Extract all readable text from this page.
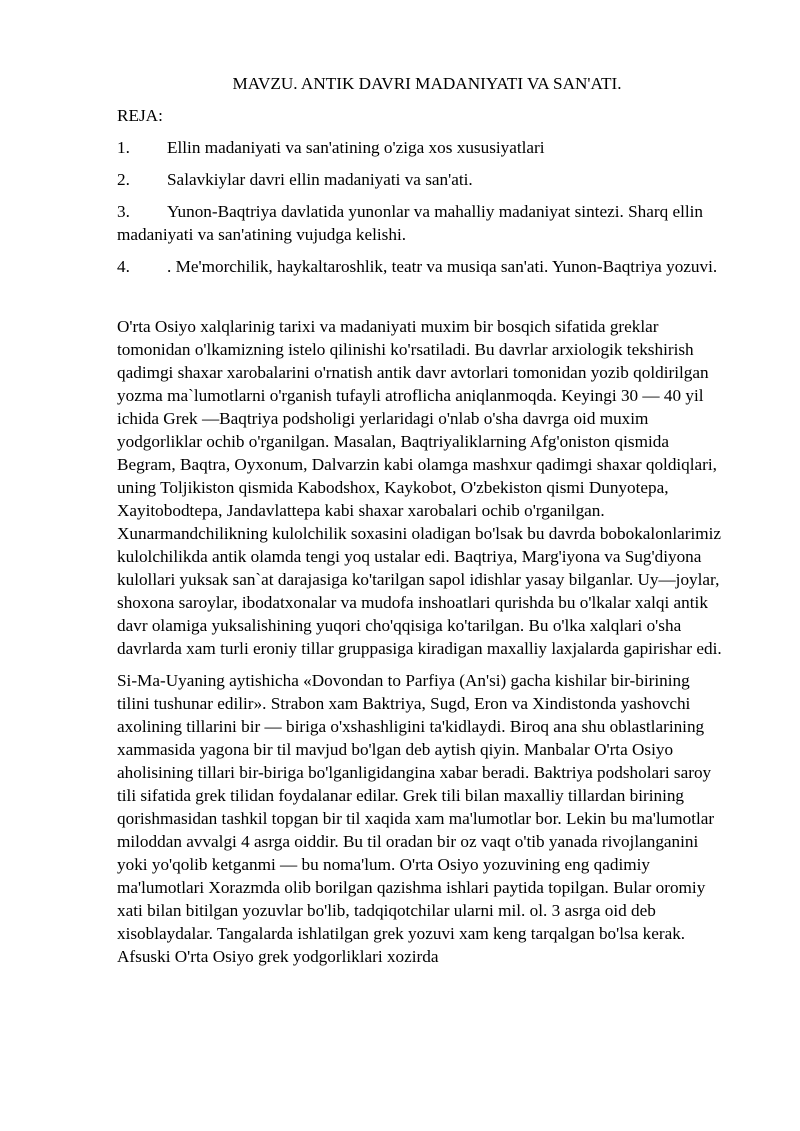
MAVZU. ANTIK DAVRI MADANIYATI VA SAN'ATI.
REJA:
1. Ellin madaniyati va san'atining o'ziga xos xususiyatlari
2. Salavkiylar davri ellin madaniyati va san'ati.
3. Yunon-Baqtriya davlatida yunonlar va mahalliy madaniyat sintezi. Sharq ellin madaniyati va san'atining vujudga kelishi.
4. . Me'morchilik, haykaltaroshlik, teatr va musiqa san'ati. Yunon-Baqtriya yozuvi.

O'rta Osiyo xalqlarinig tarixi va madaniyati muxim bir bosqich sifatida greklar tomonidan o'lkamizning istelo qilinishi ko'rsatiladi. Bu davrlar arxiologik tekshirish qadimgi shaxar xarobalarini o'rnatish antik davr avtorlari tomonidan yozib qoldirilgan yozma ma`lumotlarni o'rganish tufayli atroflicha aniqlanmoqda. Keyingi 30 — 40 yil ichida Grek —Baqtriya podsholigi yerlaridagi o'nlab o'sha davrga oid muxim yodgorliklar ochib o'rganilgan. Masalan, Baqtriyaliklarning Afg'oniston qismida Begram, Baqtra, Oyxonum, Dalvarzin kabi olamga mashxur qadimgi shaxar qoldiqlari, uning Toljikiston qismida Kabodshox, Kaykobot, O'zbekiston qismi Dunyotepa, Xayitobodtepa, Jandavlattepa kabi shaxar xarobalari ochib o'rganilgan. Xunarmandchilikning kulolchilik soxasini oladigan bo'lsak bu davrda bobokalonlarimiz kulolchilikda antik olamda tengi yoq ustalar edi. Baqtriya, Marg'iyona va Sug'diyona kulollari yuksak san`at darajasiga ko'tarilgan sapol idishlar yasay bilganlar. Uy—joylar, shoxona saroylar, ibodatxonalar va mudofa inshoatlari qurishda bu o'lkalar xalqi antik davr olamiga yuksalishining yuqori cho'qqisiga ko'tarilgan. Bu o'lka xalqlari o'sha davrlarda xam turli eroniy tillar gruppasiga kiradigan maxalliy laxjalarda gapirishar edi.

Si-Ma-Uyaning aytishicha «Dovondan to Parfiya (An'si) gacha kishilar bir-birining tilini tushunar edilir». Strabon xam Baktriya, Sugd, Eron va Xindistonda yashovchi axolining tillarini bir — biriga o'xshashligini ta'kidlaydi. Biroq ana shu oblastlarining xammasida yagona bir til mavjud bo'lgan deb aytish qiyin. Manbalar O'rta Osiyo aholisining tillari bir-biriga bo'lganligidangina xabar beradi. Baktriya podsholari saroy tili sifatida grek tilidan foydalanar edilar. Grek tili bilan maxalliy tillardan birining qorishmasidan tashkil topgan bir til xaqida xam ma'lumotlar bor. Lekin bu ma'lumotlar miloddan avvalgi 4 asrga oiddir. Bu til oradan bir oz vaqt o'tib yanada rivojlanganini yoki yo'qolib ketganmi — bu noma'lum. O'rta Osiyo yozuvining eng qadimiy ma'lumotlari Xorazmda olib borilgan qazishma ishlari paytida topilgan. Bular oromiy xati bilan bitilgan yozuvlar bo'lib, tadqiqotchilar ularni mil. ol. 3 asrga oid deb xisoblaydalar. Tangalarda ishlatilgan grek yozuvi xam keng tarqalgan bo'lsa kerak. Afsuski O'rta Osiyo grek yodgorliklari xozirda
